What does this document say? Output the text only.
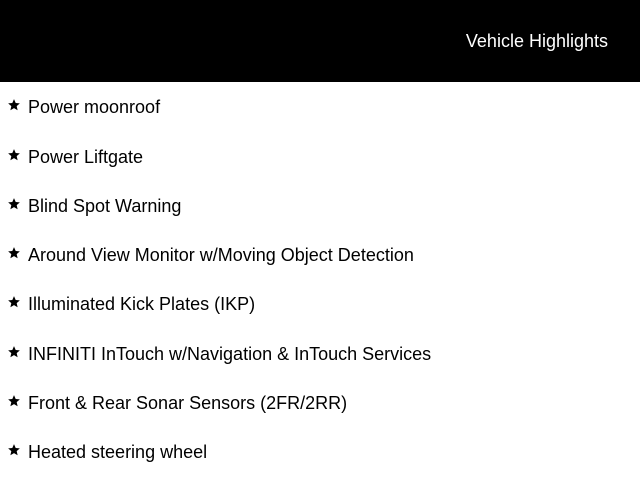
Vehicle Highlights
Power moonroof
Power Liftgate
Blind Spot Warning
Around View Monitor w/Moving Object Detection
Illuminated Kick Plates (IKP)
INFINITI InTouch w/Navigation & InTouch Services
Front & Rear Sonar Sensors (2FR/2RR)
Heated steering wheel
